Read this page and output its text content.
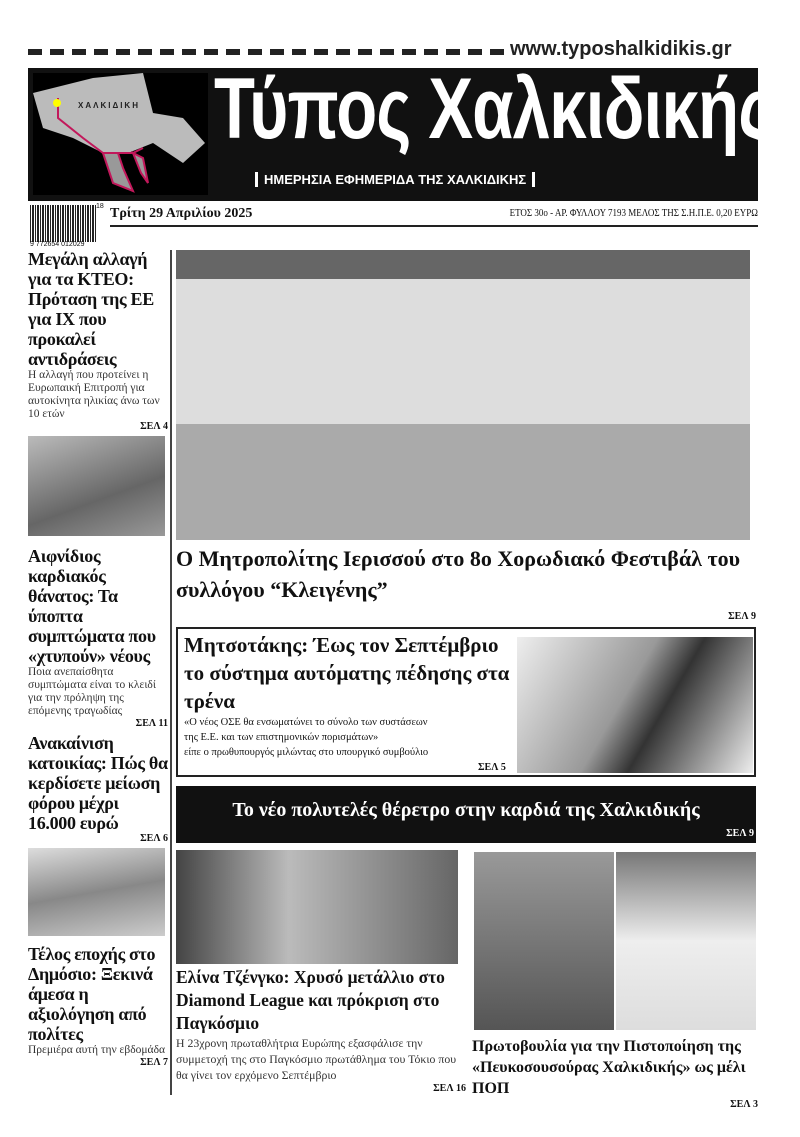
www.typoshalkidikis.gr
ΧΑΛΚΙΔΙΚΗ Τύπος Χαλκιδικής
ΗΜΕΡΗΣΙΑ ΕΦΗΜΕΡΙΔΑ ΤΗΣ ΧΑΛΚΙΔΙΚΗΣ
9 772654 012029
18 Τρίτη 29 Απριλίου 2025	ΕΤΟΣ 30ο - ΑΡ. ΦΥΛΛΟΥ 7193 ΜΕΛΟΣ ΤΗΣ Σ.Η.Π.Ε. 0,20 ΕΥΡΩ
Μεγάλη αλλαγή για τα ΚΤΕΟ: Πρόταση της ΕΕ για ΙΧ που προκαλεί αντιδράσεις
Η αλλαγή που προτείνει η Ευρωπαική Επιτροπή για αυτοκίνητα ηλικίας άνω των 10 ετών
ΣΕΛ 4
Αιφνίδιος καρδιακός θάνατος: Τα ύποπτα συμπτώματα που «χτυπούν» νέους
Ποια ανεπαίσθητα συμπτώματα είναι το κλειδί για την πρόληψη της επόμενης τραγωδίας
ΣΕΛ 11
Ανακαίνιση κατοικίας: Πώς θα κερδίσετε μείωση φόρου μέχρι 16.000 ευρώ
ΣΕΛ 6
Τέλος εποχής στο Δημόσιο: Ξεκινά άμεσα η αξιολόγηση από πολίτες
Πρεμιέρα αυτή την εβδομάδα
ΣΕΛ 7
Ο Μητροπολίτης Ιερισσού στο 8ο Χορωδιακό Φεστιβάλ του συλλόγου “Κλειγένης”
ΣΕΛ 9
Μητσοτάκης: Έως τον Σεπτέμβριο το σύστημα αυτόματης πέδησης στα τρένα
«Ο νέος ΟΣΕ θα ενσωματώνει το σύνολο των συστάσεων
της Ε.Ε. και των επιστημονικών πορισμάτων»
είπε ο πρωθυπουργός μιλώντας στο υπουργικό συμβούλιο
ΣΕΛ 5
Το νέο πολυτελές θέρετρο στην καρδιά της Χαλκιδικής
ΣΕΛ 9
Ελίνα Τζένγκο: Χρυσό μετάλλιο στο Diamond League και πρόκριση στο Παγκόσμιο
Η 23χρονη πρωταθλήτρια Ευρώπης εξασφάλισε την συμμετοχή της στο Παγκόσμιο πρωτάθλημα του Τόκιο που θα γίνει τον ερχόμενο Σεπτέμβριο
ΣΕΛ 16
Πρωτοβουλία για την Πιστοποίηση της «Πευκοσουσούρας Χαλκιδικής» ως μέλι ΠΟΠ
ΣΕΛ 3
